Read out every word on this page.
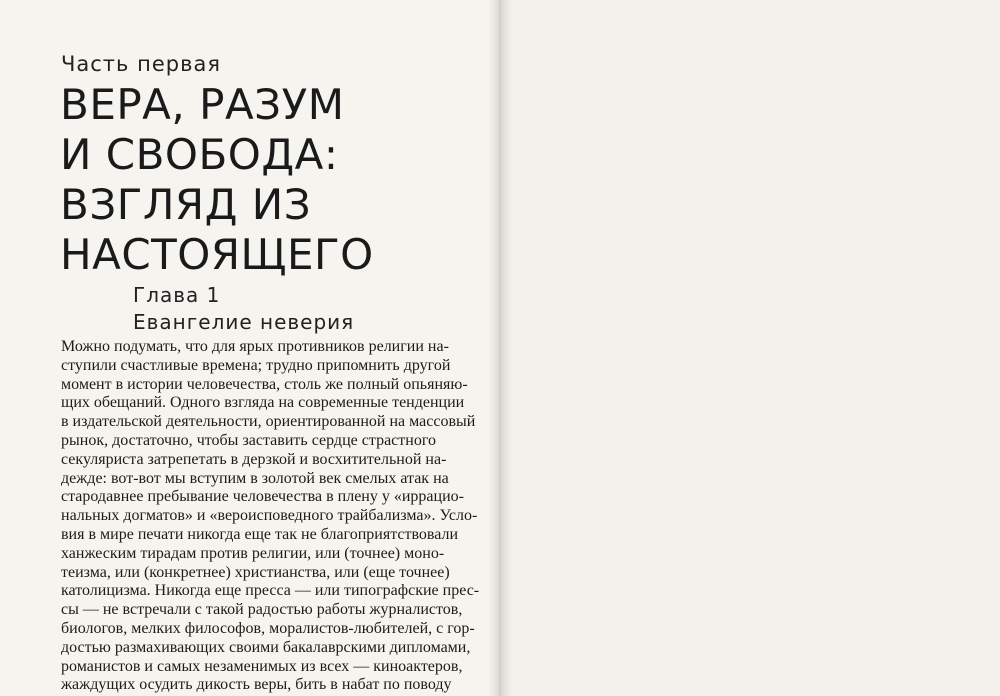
Часть первая
ВЕРА, РАЗУМ
И СВОБОДА:
ВЗГЛЯД ИЗ
НАСТОЯЩЕГО
Глава 1
Евангелие неверия
Можно подумать, что для ярых противников религии на-
ступили счастливые времена; трудно припомнить другой
момент в истории человечества, столь же полный опьяняю-
щих обещаний. Одного взгляда на современные тенденции
в издательской деятельности, ориентированной на массовый
рынок, достаточно, чтобы заставить сердце страстного
секуляриста затрепетать в дерзкой и восхитительной на-
дежде: вот-вот мы вступим в золотой век смелых атак на
стародавнее пребывание человечества в плену у «иррацио-
нальных догматов» и «вероисповедного трайбализма». Услo-
вия в мире печати никогда еще так не благоприятствовали
ханжеским тирадам против религии, или (точнее) моно-
теизма, или (конкретнее) христианства, или (еще точнее)
католицизма. Никогда еще пресса — или типографские прес-
сы — не встречали с такой радостью работы журналистов,
биологов, мелких философов, моралистов-любителей, с гор-
достью размахивающих своими бакалаврскими дипломами,
романистов и самых незаменимых из всех — киноактеров,
жаждущих осудить дикость веры, бить в набат по поводу
